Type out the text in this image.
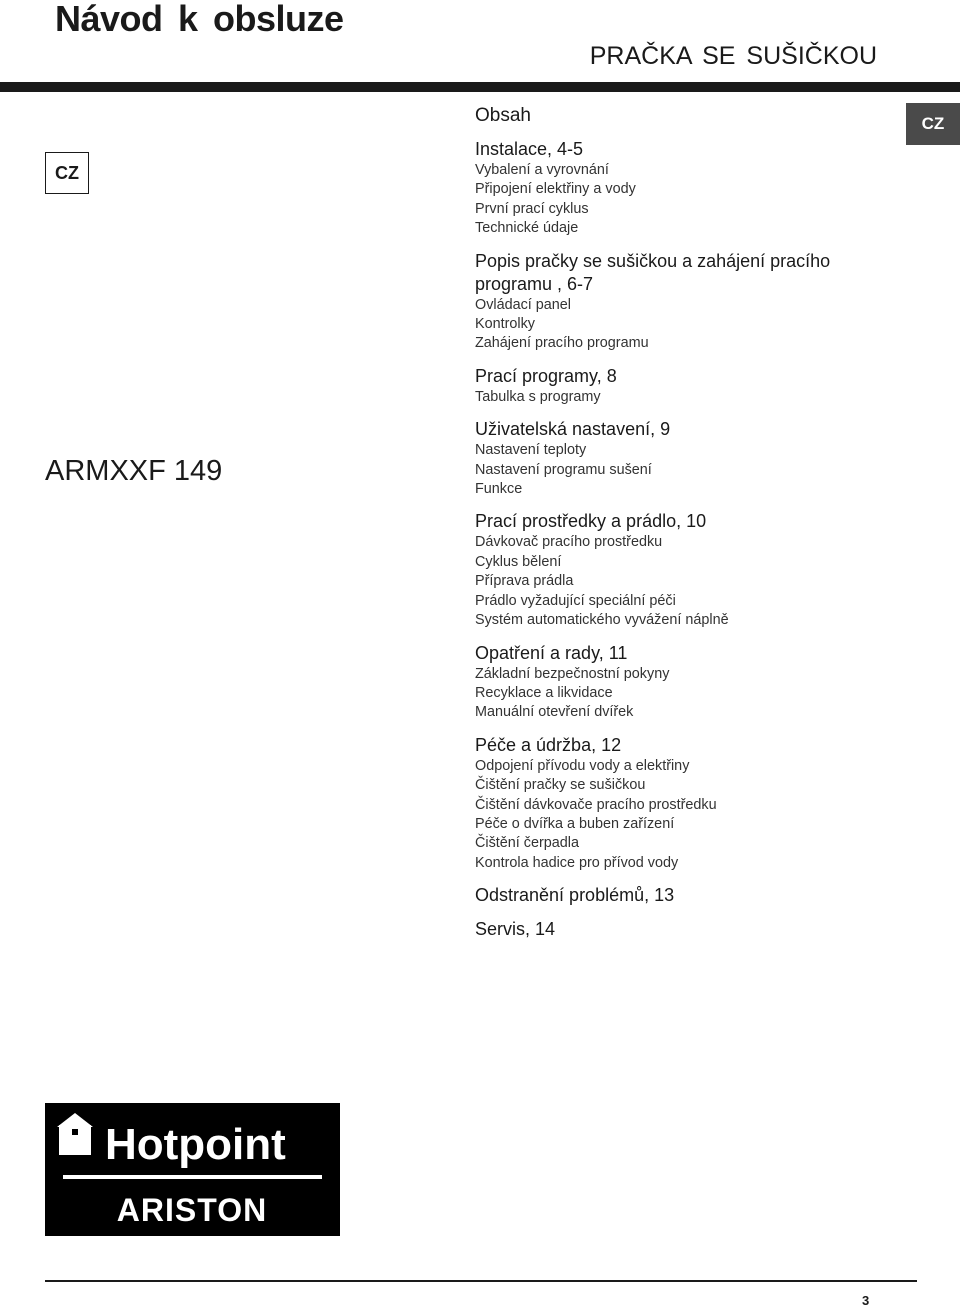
Návod k obsluze
PRAČKA SE SUŠIČKOU
CZ
CZ
ARMXXF 149
Obsah
Instalace, 4-5
Vybalení a vyrovnání
Připojení elektřiny a vody
První prací cyklus
Technické údaje
Popis pračky se sušičkou a zahájení pracího programu , 6-7
Ovládací panel
Kontrolky
Zahájení pracího programu
Prací programy, 8
Tabulka s programy
Uživatelská nastavení, 9
Nastavení teploty
Nastavení programu sušení
Funkce
Prací prostředky a prádlo, 10
Dávkovač pracího prostředku
Cyklus bělení
Příprava prádla
Prádlo vyžadující speciální péči
Systém automatického vyvážení náplně
Opatření a rady, 11
Základní bezpečnostní pokyny
Recyklace a likvidace
Manuální otevření dvířek
Péče a údržba, 12
Odpojení přívodu vody a elektřiny
Čištění pračky se sušičkou
Čištění dávkovače pracího prostředku
Péče o dvířka a buben zařízení
Čištění čerpadla
Kontrola hadice pro přívod vody
Odstranění problémů, 13
Servis, 14
Hotpoint
ARISTON
3
